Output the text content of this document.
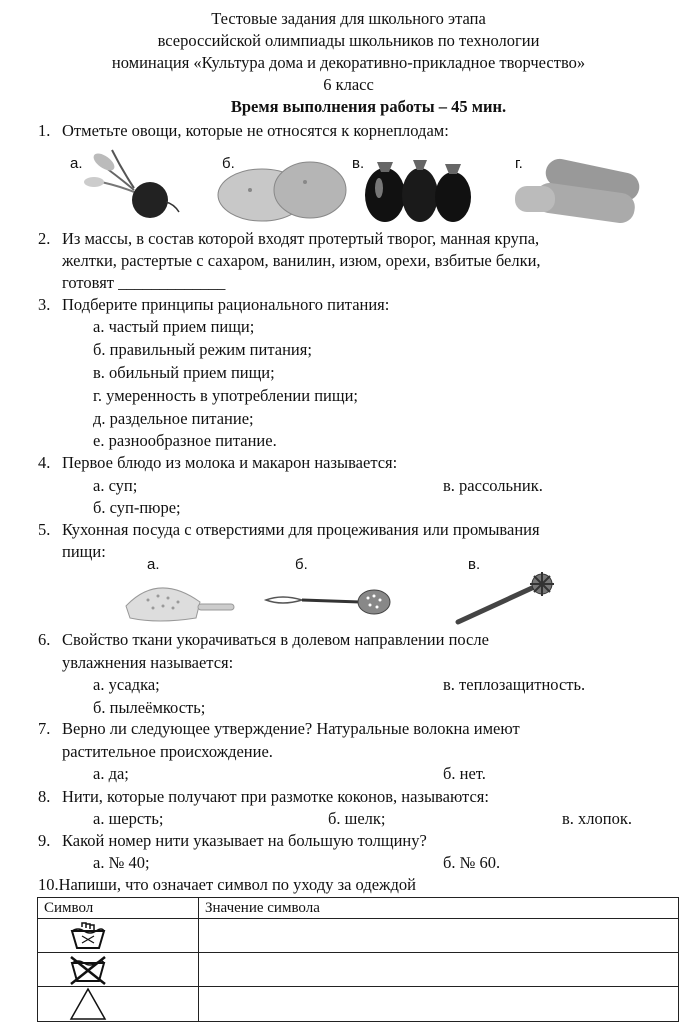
Тестовые задания для школьного этапа
всероссийской олимпиады школьников по технологии
номинация «Культура дома и декоративно-прикладное творчество»
6 класс
Время выполнения работы – 45 мин.
1. Отметьте овощи, которые не относятся к корнеплодам:
а.	б.	в.	г.
2. Из массы, в состав которой входят протертый творог, манная крупа,
желтки, растертые с сахаром, ванилин, изюм, орехи, взбитые белки,
готовят _____________
3. Подберите принципы рационального питания:
а. частый прием пищи;
б. правильный режим питания;
в. обильный прием пищи;
г. умеренность в употреблении пищи;
д. раздельное питание;
е. разнообразное питание.
4. Первое блюдо из молока и макарон называется:
а. суп;	в. рассольник.
б. суп-пюре;
5. Кухонная посуда с отверстиями для процеживания или промывания
пищи:
а.	б.	в.
6. Свойство ткани укорачиваться в долевом направлении после
увлажнения называется:
а. усадка;	в. теплозащитность.
б. пылеёмкость;
7. Верно ли следующее утверждение? Натуральные волокна имеют
растительное происхождение.
а. да;	б. нет.
8. Нити, которые получают при размотке коконов, называются:
а. шерсть;	б. шелк;	в. хлопок.
9. Какой номер нити указывает на большую толщину?
а. № 40;	б. № 60.
10.Напиши, что означает символ по уходу за одеждой
Символ	Значение символа
